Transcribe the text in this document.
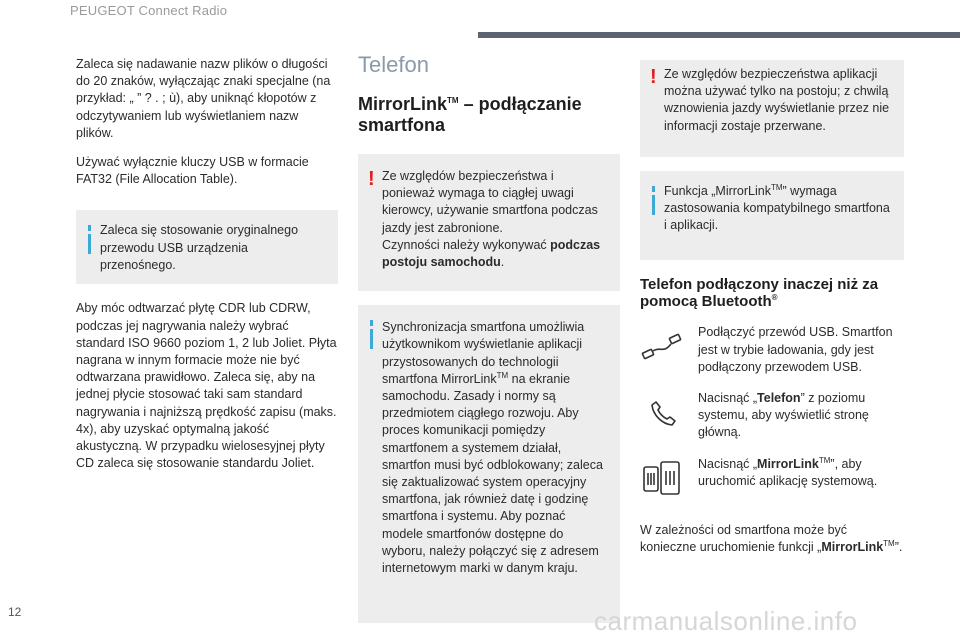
PEUGEOT Connect Radio

Zaleca się nadawanie nazw plików o długości do 20 znaków, wyłączając znaki specjalne (na przykład: „ ” ? . ; ù), aby uniknąć kłopotów z odczytywaniem lub wyświetlaniem nazw plików.

Używać wyłącznie kluczy USB w formacie FAT32 (File Allocation Table).

Zaleca się stosowanie oryginalnego przewodu USB urządzenia przenośnego.

Aby móc odtwarzać płytę CDR lub CDRW, podczas jej nagrywania należy wybrać standard ISO 9660 poziom 1, 2 lub Joliet. Płyta nagrana w innym formacie może nie być odtwarzana prawidłowo. Zaleca się, aby na jednej płycie stosować taki sam standard nagrywania i najniższą prędkość zapisu (maks. 4x), aby uzyskać optymalną jakość akustyczną. W przypadku wielosesyjnej płyty CD zaleca się stosowanie standardu Joliet.

Telefon
MirrorLink™ – podłączanie smartfona
! Ze względów bezpieczeństwa i ponieważ wymaga to ciągłej uwagi kierowcy, używanie smartfona podczas jazdy jest zabronione.

Czynności należy wykonywać podczas postoju samochodu.

Synchronizacja smartfona umożliwia użytkownikom wyświetlanie aplikacji przystosowanych do technologii smartfona MirrorLink™ na ekranie samochodu. Zasady i normy są przedmiotem ciągłego rozwoju. Aby proces komunikacji pomiędzy smartfonem a systemem działał, smartfon musi być odblokowany; zaleca się zaktualizować system operacyjny smartfona, jak również datę i godzinę smartfona i systemu. Aby poznać modele smartfonów dostępne do wyboru, należy połączyć się z adresem internetowym marki w danym kraju.

! Ze względów bezpieczeństwa aplikacji można używać tylko na postoju; z chwilą wznowienia jazdy wyświetlanie przez nie informacji zostaje przerwane.

Funkcja „MirrorLink™” wymaga zastosowania kompatybilnego smartfona i aplikacji.

Telefon podłączony inaczej niż za pomocą Bluetooth®

Podłączyć przewód USB. Smartfon jest w trybie ładowania, gdy jest podłączony przewodem USB.

Nacisnąć „Telefon” z poziomu systemu, aby wyświetlić stronę główną.

Nacisnąć „MirrorLink™”, aby uruchomić aplikację systemową.

W zależności od smartfona może być konieczne uruchomienie funkcji „MirrorLink™”.

12	carmanualsonline.info
